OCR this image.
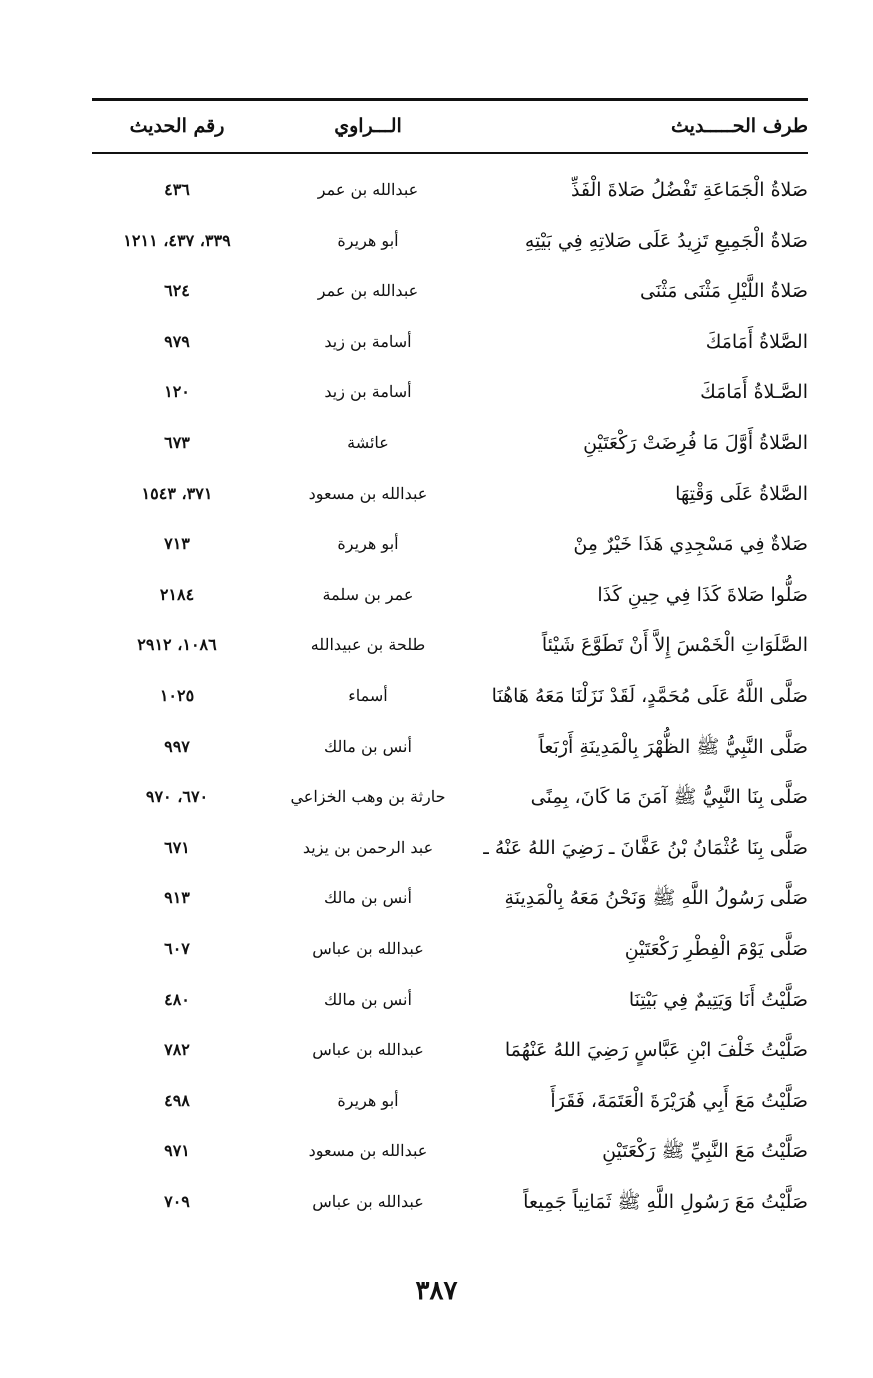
طرف الحـــــديث
الـــراوي
رقم الحديث
صَلاةُ الْجَمَاعَةِ تَفْضُلُ صَلاةَ الْفَذِّ
عبدالله بن عمر
٤٣٦
صَلاةُ الْجَمِيعِ تَزِيدُ عَلَى صَلاتِهِ فِي بَيْتِهِ
أبو هريرة
٣٣٩، ٤٣٧، ١٢١١
صَلاةُ اللَّيْلِ مَثْنَى مَثْنَى
عبدالله بن عمر
٦٢٤
الصَّلاةُ أَمَامَكَ
أسامة بن زيد
٩٧٩
الصَّـلاةُ أَمَامَكَ
أسامة بن زيد
١٢٠
الصَّلاةُ أَوَّلَ مَا فُرِضَتْ رَكْعَتَيْنِ
عائشة
٦٧٣
الصَّلاةُ عَلَى وَقْتِهَا
عبدالله بن مسعود
٣٧١، ١٥٤٣
صَلاةٌ فِي مَسْجِدِي هَذَا خَيْرٌ مِنْ
أبو هريرة
٧١٣
صَلُّوا صَلاةَ كَذَا فِي حِينِ كَذَا
عمر بن سلمة
٢١٨٤
الصَّلَوَاتِ الْخَمْسَ إِلاَّ أَنْ تَطَوَّعَ شَيْئاً
طلحة بن عبيدالله
١٠٨٦، ٢٩١٢
صَلَّى اللَّهُ عَلَى مُحَمَّدٍ، لَقَدْ نَزَلْنَا مَعَهُ هَاهُنَا
أسماء
١٠٢٥
صَلَّى النَّبِيُّ ﷺ الظُّهْرَ بِالْمَدِينَةِ أَرْبَعاً
أنس بن مالك
٩٩٧
صَلَّى بِنَا النَّبِيُّ ﷺ آمَنَ مَا كَانَ، بِمِنًى
حارثة بن وهب الخزاعي
٦٧٠، ٩٧٠
صَلَّى بِنَا عُثْمَانُ بْنُ عَفَّانَ ـ رَضِيَ اللهُ عَنْهُ ـ
عبد الرحمن بن يزيد
٦٧١
صَلَّى رَسُولُ اللَّهِ ﷺ وَنَحْنُ مَعَهُ بِالْمَدِينَةِ
أنس بن مالك
٩١٣
صَلَّى يَوْمَ الْفِطْرِ رَكْعَتَيْنِ
عبدالله بن عباس
٦٠٧
صَلَّيْتُ أَنَا وَيَتِيمٌ فِي بَيْتِنَا
أنس بن مالك
٤٨٠
صَلَّيْتُ خَلْفَ ابْنِ عَبَّاسٍ رَضِيَ اللهُ عَنْهُمَا
عبدالله بن عباس
٧٨٢
صَلَّيْتُ مَعَ أَبِي هُرَيْرَةَ الْعَتَمَةَ، فَقَرَأَ
أبو هريرة
٤٩٨
صَلَّيْتُ مَعَ النَّبِيِّ ﷺ رَكْعَتَيْنِ
عبدالله بن مسعود
٩٧١
صَلَّيْتُ مَعَ رَسُولِ اللَّهِ ﷺ ثَمَانِياً جَمِيعاً
عبدالله بن عباس
٧٠٩
٣٨٧
